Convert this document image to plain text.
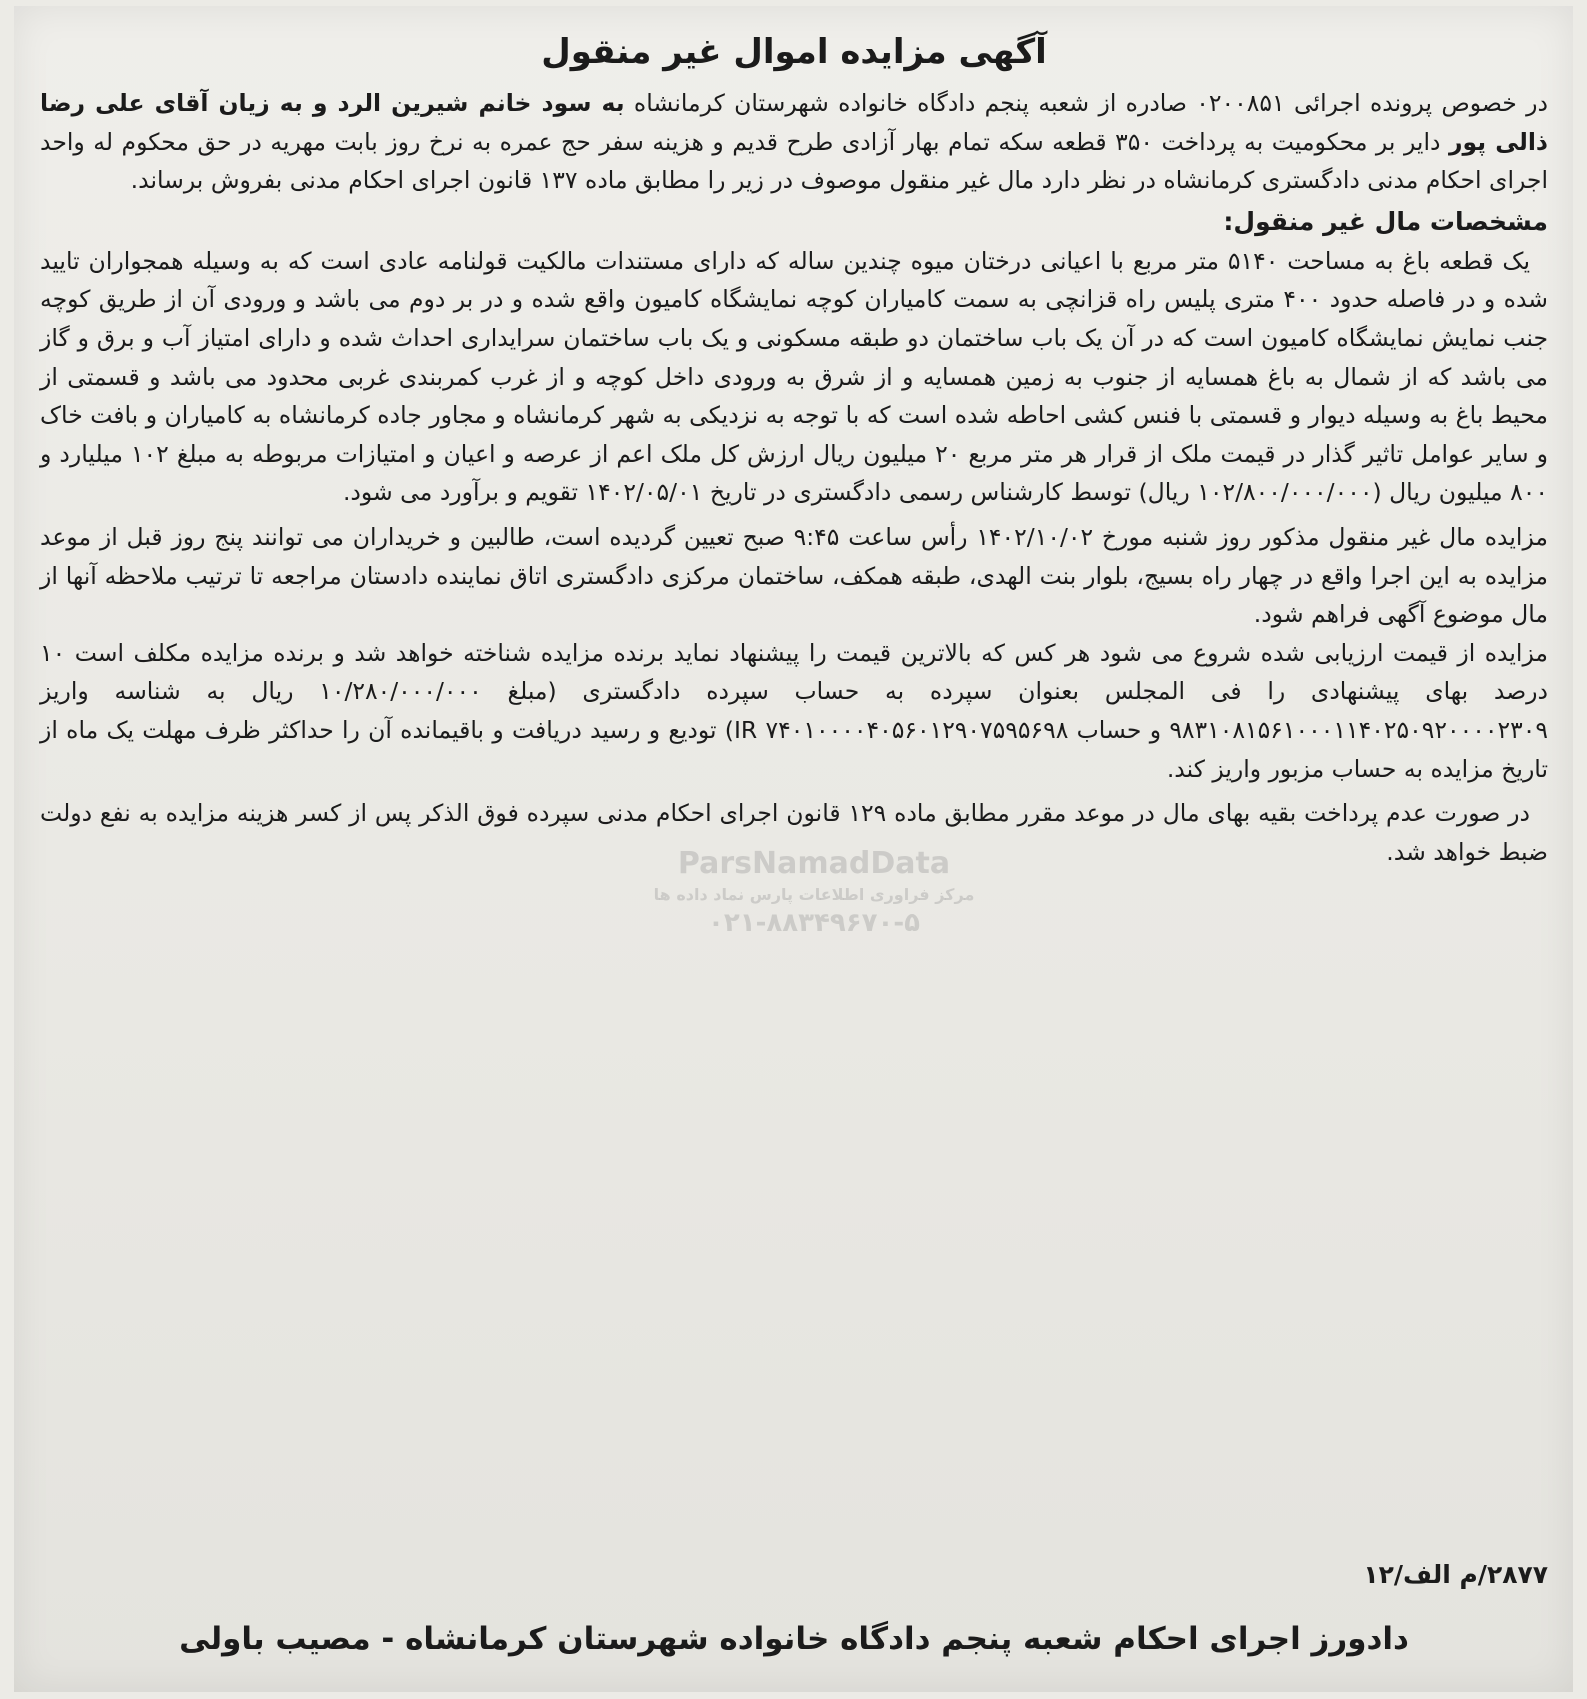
ParsNamadData
مرکز فراوری اطلاعات پارس نماد داده ها
۰۲۱-۸۸۳۴۹۶۷۰-۵
آگهی مزایده اموال غیر منقول

در خصوص پرونده اجرائی ۰۲۰۰۸۵۱ صادره از شعبه پنجم دادگاه خانواده شهرستان کرمانشاه به سود خانم شیرین الرد و به زیان آقای علی رضا ذالی پور دایر بر محکومیت به پرداخت ۳۵۰ قطعه سکه تمام بهار آزادی طرح قدیم و هزینه سفر حج عمره به نرخ روز بابت مهریه در حق محکوم له واحد اجرای احکام مدنی دادگستری کرمانشاه در نظر دارد مال غیر منقول موصوف در زیر را مطابق ماده ۱۳۷ قانون اجرای احکام مدنی بفروش برساند.

مشخصات مال غیر منقول:

یک قطعه باغ به مساحت ۵۱۴۰ متر مربع با اعیانی درختان میوه چندین ساله که دارای مستندات مالکیت قولنامه عادی است که به وسیله همجواران تایید شده و در فاصله حدود ۴۰۰ متری پلیس راه قزانچی به سمت کامیاران کوچه نمایشگاه کامیون واقع شده و در بر دوم می باشد و ورودی آن از طریق کوچه جنب نمایش نمایشگاه کامیون است که در آن یک باب ساختمان دو طبقه مسکونی و یک باب ساختمان سرایداری احداث شده و دارای امتیاز آب و برق و گاز می باشد که از شمال به باغ همسایه از جنوب به زمین همسایه و از شرق به ورودی داخل کوچه و از غرب کمربندی غربی محدود می باشد و قسمتی از محیط باغ به وسیله دیوار و قسمتی با فنس کشی احاطه شده است که با توجه به نزدیکی به شهر کرمانشاه و مجاور جاده کرمانشاه به کامیاران و بافت خاک و سایر عوامل تاثیر گذار در قیمت ملک از قرار هر متر مربع ۲۰ میلیون ریال ارزش کل ملک اعم از عرصه و اعیان و امتیازات مربوطه به مبلغ ۱۰۲ میلیارد و ۸۰۰ میلیون ریال (۱۰۲/۸۰۰/۰۰۰/۰۰۰ ریال) توسط کارشناس رسمی دادگستری در تاریخ ۱۴۰۲/۰۵/۰۱ تقویم و برآورد می شود.

مزایده مال غیر منقول مذکور روز شنبه مورخ ۱۴۰۲/۱۰/۰۲ رأس ساعت ۹:۴۵ صبح تعیین گردیده است، طالبین و خریداران می توانند پنج روز قبل از موعد مزایده به این اجرا واقع در چهار راه بسیج، بلوار بنت الهدی، طبقه همکف، ساختمان مرکزی دادگستری اتاق نماینده دادستان مراجعه تا ترتیب ملاحظه آنها از مال موضوع آگهی فراهم شود.

مزایده از قیمت ارزیابی شده شروع می شود هر کس که بالاترین قیمت را پیشنهاد نماید برنده مزایده شناخته خواهد شد و برنده مزایده مکلف است ۱۰ درصد بهای پیشنهادی را فی المجلس بعنوان سپرده به حساب سپرده دادگستری (مبلغ ۱۰/۲۸۰/۰۰۰/۰۰۰ ریال به شناسه واریز ۹۸۳۱۰۸۱۵۶۱۰۰۰۱۱۴۰۲۵۰۹۲۰۰۰۰۲۳۰۹ و حساب IR ۷۴۰۱۰۰۰۰۴۰۵۶۰۱۲۹۰۷۵۹۵۶۹۸) تودیع و رسید دریافت و باقیمانده آن را حداکثر ظرف مهلت یک ماه از تاریخ مزایده به حساب مزبور واریز کند.

در صورت عدم پرداخت بقیه بهای مال در موعد مقرر مطابق ماده ۱۲۹ قانون اجرای احکام مدنی سپرده فوق الذکر پس از کسر هزینه مزایده به نفع دولت ضبط خواهد شد.

۲۸۷۷/م الف/۱۲
دادورز اجرای احکام شعبه پنجم دادگاه خانواده شهرستان کرمانشاه - مصیب باولی
